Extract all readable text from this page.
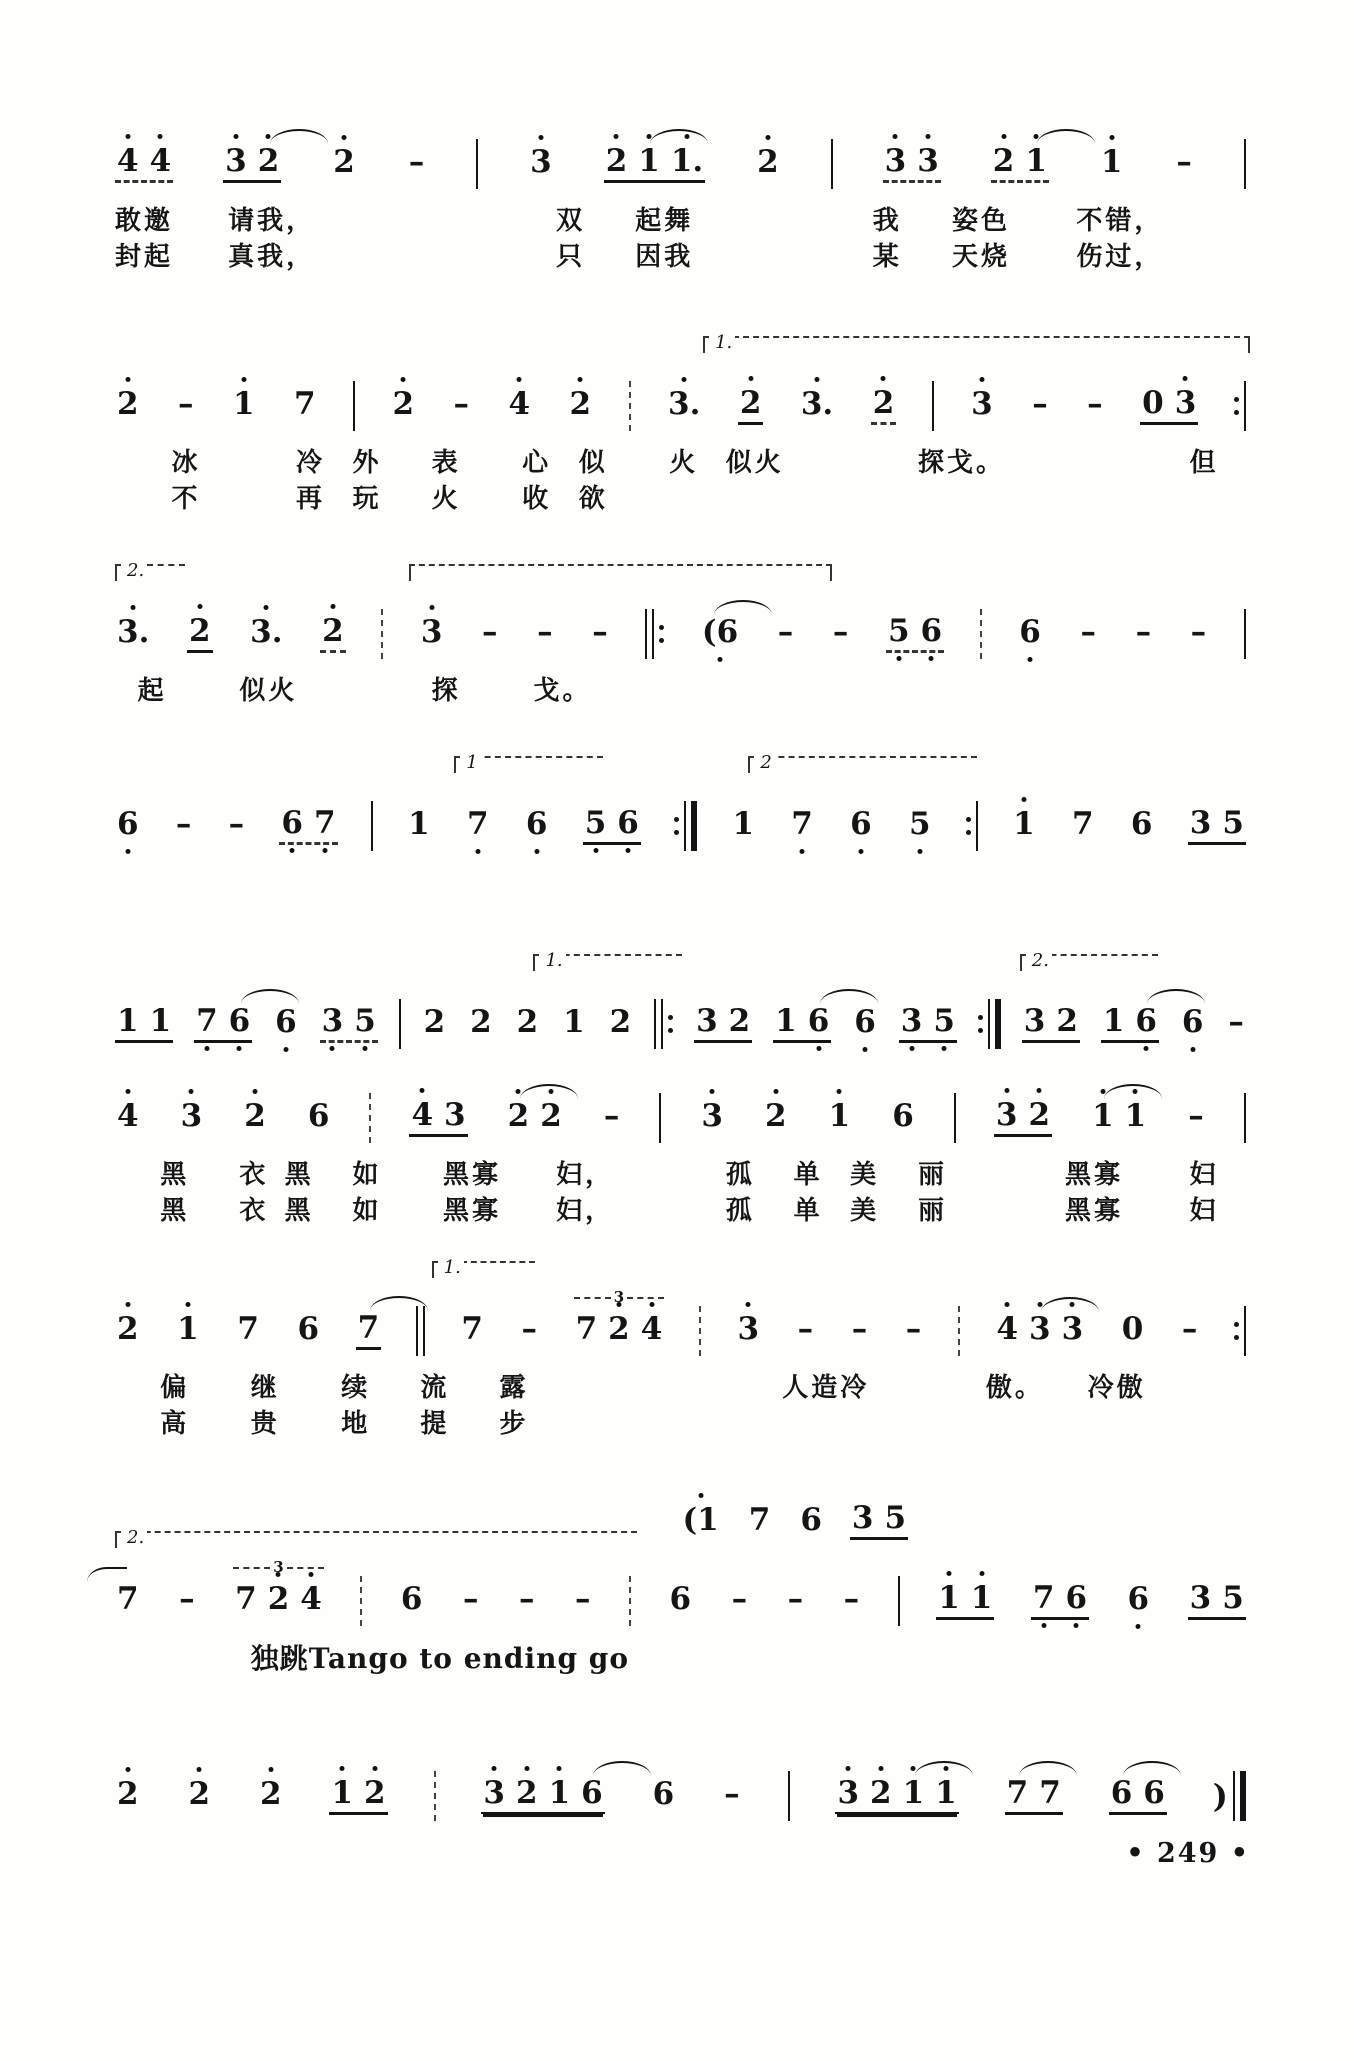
• 249 •
4 4 3 2 2 –	3 2 1 1. 2	3 3 2 1 1 –
敢邀 请我，	双 起舞	我 姿色	不错，
封起 真我，	只 因我	某 天烧	伤过，
1.
2 – 1 7 2 – 4 2 3. 2 3. 2 3 – – 0 3
冰	冷 外 表 心 似 火 似火	探戈。	但
不	再 玩 火 收 欲
2.
3. 2 3. 2 3 – – –	(6 – – 5 6 6 – – –
起	似火	探	戈。
1	2
6 – – 6 7 1 7 6 5 6	1 7 6 5	1 7 6 3 5
1.	2.
1 1 7 6 6 3 5 2 2 2 1 2 3 2 1 6 6 3 5 3 2 1 6 6 –
4 3 2 6	4 3 2 2 –	3 2 1 6	3 2 1 1 –
黑 衣 黑 如 黑寡 妇，	孤 单 美 丽	黑寡	妇
黑 衣 黑 如 黑寡 妇，	孤 单 美 丽	黑寡	妇
1.
2 1 7 6 7	7 – 7 2 4
3
3 – – – 4 3 3 0 –
偏 继 续 流 露	人造冷	傲。 冷傲
高 贵 地 提 步
2.	(1 7 6 3 5
7 – 7 2 4
3
6 – – –	6 – – –	1 1 7 6 6 3 5
独跳Tango to ending go
2 2 2 1 2	3 2 1 6 6 –	3 2 1 1 7 7 6 6 )
